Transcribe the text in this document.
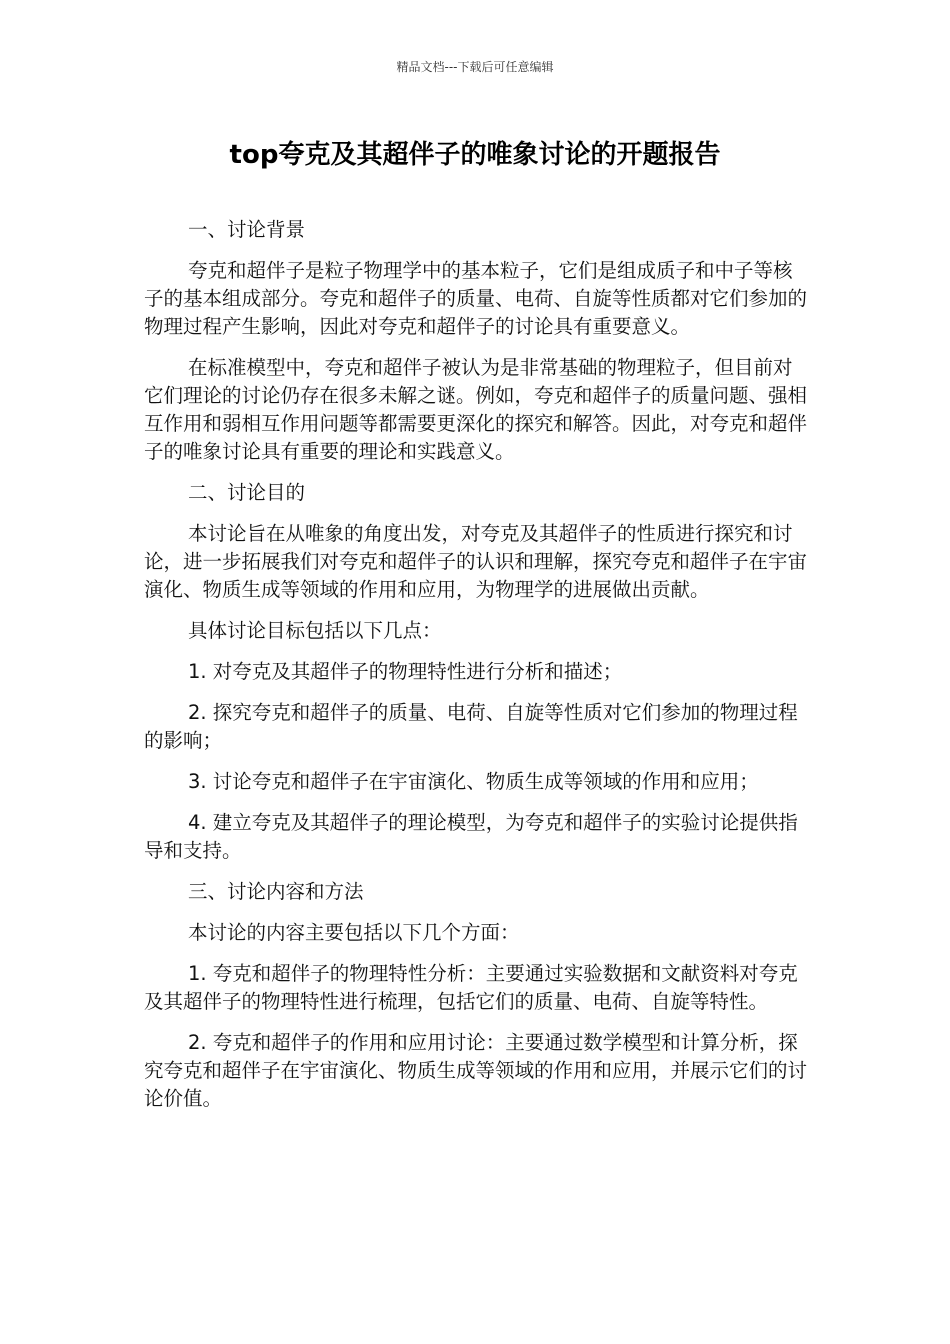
精品文档---下载后可任意编辑
top夸克及其超伴子的唯象讨论的开题报告

一、讨论背景

夸克和超伴子是粒子物理学中的基本粒子，它们是组成质子和中子等核子的基本组成部分。夸克和超伴子的质量、电荷、自旋等性质都对它们参加的物理过程产生影响，因此对夸克和超伴子的讨论具有重要意义。

在标准模型中，夸克和超伴子被认为是非常基础的物理粒子，但目前对它们理论的讨论仍存在很多未解之谜。例如，夸克和超伴子的质量问题、强相互作用和弱相互作用问题等都需要更深化的探究和解答。因此，对夸克和超伴子的唯象讨论具有重要的理论和实践意义。

二、讨论目的

本讨论旨在从唯象的角度出发，对夸克及其超伴子的性质进行探究和讨论，进一步拓展我们对夸克和超伴子的认识和理解，探究夸克和超伴子在宇宙演化、物质生成等领域的作用和应用，为物理学的进展做出贡献。

具体讨论目标包括以下几点：

1. 对夸克及其超伴子的物理特性进行分析和描述；

2. 探究夸克和超伴子的质量、电荷、自旋等性质对它们参加的物理过程的影响；

3. 讨论夸克和超伴子在宇宙演化、物质生成等领域的作用和应用；

4. 建立夸克及其超伴子的理论模型，为夸克和超伴子的实验讨论提供指导和支持。

三、讨论内容和方法

本讨论的内容主要包括以下几个方面：

1. 夸克和超伴子的物理特性分析：主要通过实验数据和文献资料对夸克及其超伴子的物理特性进行梳理，包括它们的质量、电荷、自旋等特性。

2. 夸克和超伴子的作用和应用讨论：主要通过数学模型和计算分析，探究夸克和超伴子在宇宙演化、物质生成等领域的作用和应用，并展示它们的讨论价值。
